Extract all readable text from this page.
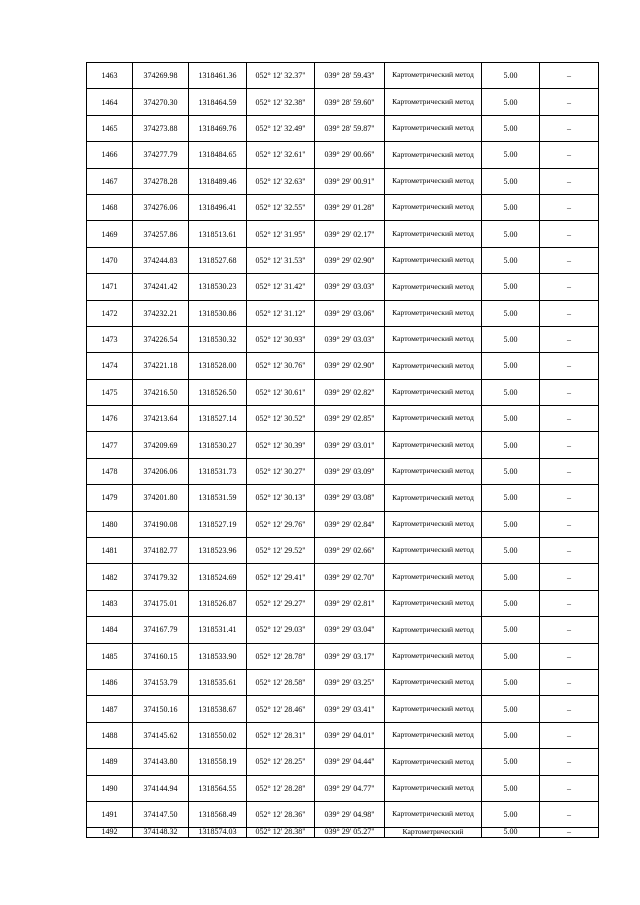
1463	374269.98	1318461.36	052° 12' 32.37"	039° 28' 59.43"	Картометрический метод	5.00	–
1464	374270.30	1318464.59	052° 12' 32.38"	039° 28' 59.60"	Картометрический метод	5.00	–
1465	374273.88	1318469.76	052° 12' 32.49"	039° 28' 59.87"	Картометрический метод	5.00	–
1466	374277.79	1318484.65	052° 12' 32.61"	039° 29' 00.66"	Картометрический метод	5.00	–
1467	374278.28	1318489.46	052° 12' 32.63"	039° 29' 00.91"	Картометрический метод	5.00	–
1468	374276.06	1318496.41	052° 12' 32.55"	039° 29' 01.28"	Картометрический метод	5.00	–
1469	374257.86	1318513.61	052° 12' 31.95"	039° 29' 02.17"	Картометрический метод	5.00	–
1470	374244.83	1318527.68	052° 12' 31.53"	039° 29' 02.90"	Картометрический метод	5.00	–
1471	374241.42	1318530.23	052° 12' 31.42"	039° 29' 03.03"	Картометрический метод	5.00	–
1472	374232.21	1318530.86	052° 12' 31.12"	039° 29' 03.06"	Картометрический метод	5.00	–
1473	374226.54	1318530.32	052° 12' 30.93"	039° 29' 03.03"	Картометрический метод	5.00	–
1474	374221.18	1318528.00	052° 12' 30.76"	039° 29' 02.90"	Картометрический метод	5.00	–
1475	374216.50	1318526.50	052° 12' 30.61"	039° 29' 02.82"	Картометрический метод	5.00	–
1476	374213.64	1318527.14	052° 12' 30.52"	039° 29' 02.85"	Картометрический метод	5.00	–
1477	374209.69	1318530.27	052° 12' 30.39"	039° 29' 03.01"	Картометрический метод	5.00	–
1478	374206.06	1318531.73	052° 12' 30.27"	039° 29' 03.09"	Картометрический метод	5.00	–
1479	374201.80	1318531.59	052° 12' 30.13"	039° 29' 03.08"	Картометрический метод	5.00	–
1480	374190.08	1318527.19	052° 12' 29.76"	039° 29' 02.84"	Картометрический метод	5.00	–
1481	374182.77	1318523.96	052° 12' 29.52"	039° 29' 02.66"	Картометрический метод	5.00	–
1482	374179.32	1318524.69	052° 12' 29.41"	039° 29' 02.70"	Картометрический метод	5.00	–
1483	374175.01	1318526.87	052° 12' 29.27"	039° 29' 02.81"	Картометрический метод	5.00	–
1484	374167.79	1318531.41	052° 12' 29.03"	039° 29' 03.04"	Картометрический метод	5.00	–
1485	374160.15	1318533.90	052° 12' 28.78"	039° 29' 03.17"	Картометрический метод	5.00	–
1486	374153.79	1318535.61	052° 12' 28.58"	039° 29' 03.25"	Картометрический метод	5.00	–
1487	374150.16	1318538.67	052° 12' 28.46"	039° 29' 03.41"	Картометрический метод	5.00	–
1488	374145.62	1318550.02	052° 12' 28.31"	039° 29' 04.01"	Картометрический метод	5.00	–
1489	374143.80	1318558.19	052° 12' 28.25"	039° 29' 04.44"	Картометрический метод	5.00	–
1490	374144.94	1318564.55	052° 12' 28.28"	039° 29' 04.77"	Картометрический метод	5.00	–
1491	374147.50	1318568.49	052° 12' 28.36"	039° 29' 04.98"	Картометрический метод	5.00	–
1492	374148.32	1318574.03	052° 12' 28.38"	039° 29' 05.27"	Картометрический	5.00	–
